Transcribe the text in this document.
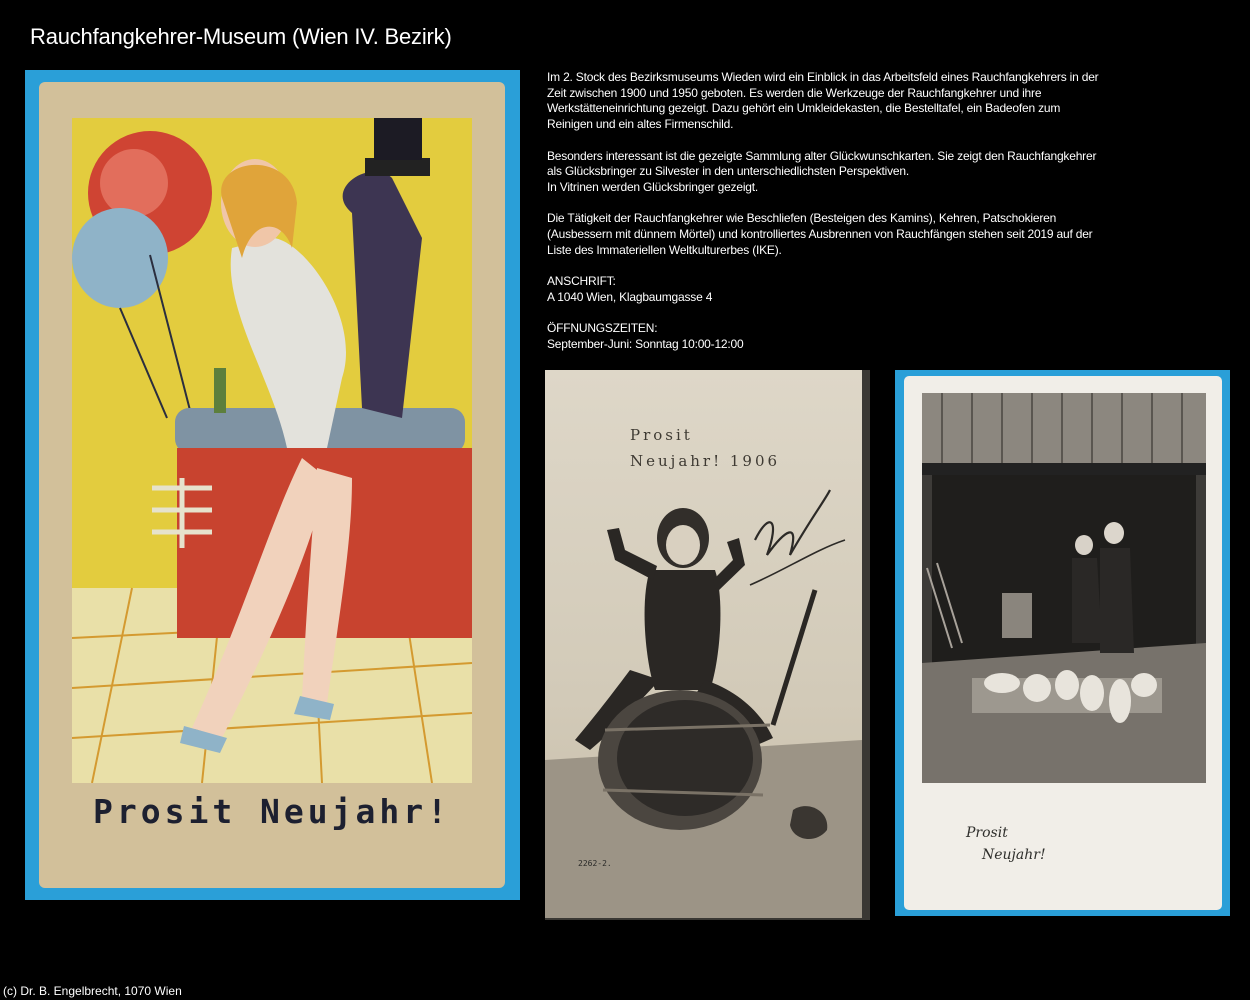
Rauchfangkehrer-Museum (Wien IV. Bezirk)

Im 2. Stock des Bezirksmuseums Wieden wird ein Einblick in das Arbeitsfeld eines Rauchfangkehrers in der Zeit zwischen 1900 und 1950 geboten. Es werden die Werkzeuge der Rauchfangkehrer und ihre Werkstätteneinrichtung gezeigt. Dazu gehört ein Umkleidekasten, die Bestelltafel, ein Badeofen zum Reinigen und ein altes Firmenschild.

Besonders interessant ist die gezeigte Sammlung alter Glückwunschkarten. Sie zeigt den Rauchfangkehrer als Glücksbringer zu Silvester in den unterschiedlichsten Perspektiven.
In Vitrinen werden Glücksbringer gezeigt.

Die Tätigkeit der Rauchfangkehrer wie Beschliefen (Besteigen des Kamins), Kehren, Patschokieren (Ausbessern mit dünnem Mörtel) und kontrolliertes Ausbrennen von Rauchfängen stehen seit 2019 auf der Liste des Immateriellen Weltkulturerbes (IKE).

ANSCHRIFT:
A 1040 Wien, Klagbaumgasse 4

ÖFFNUNGSZEITEN:
September-Juni: Sonntag 10:00-12:00

Prosit Neujahr!
Prosit
Neujahr! 1906
2262-2.
Prosit
Neujahr!
(c) Dr. B. Engelbrecht, 1070 Wien
